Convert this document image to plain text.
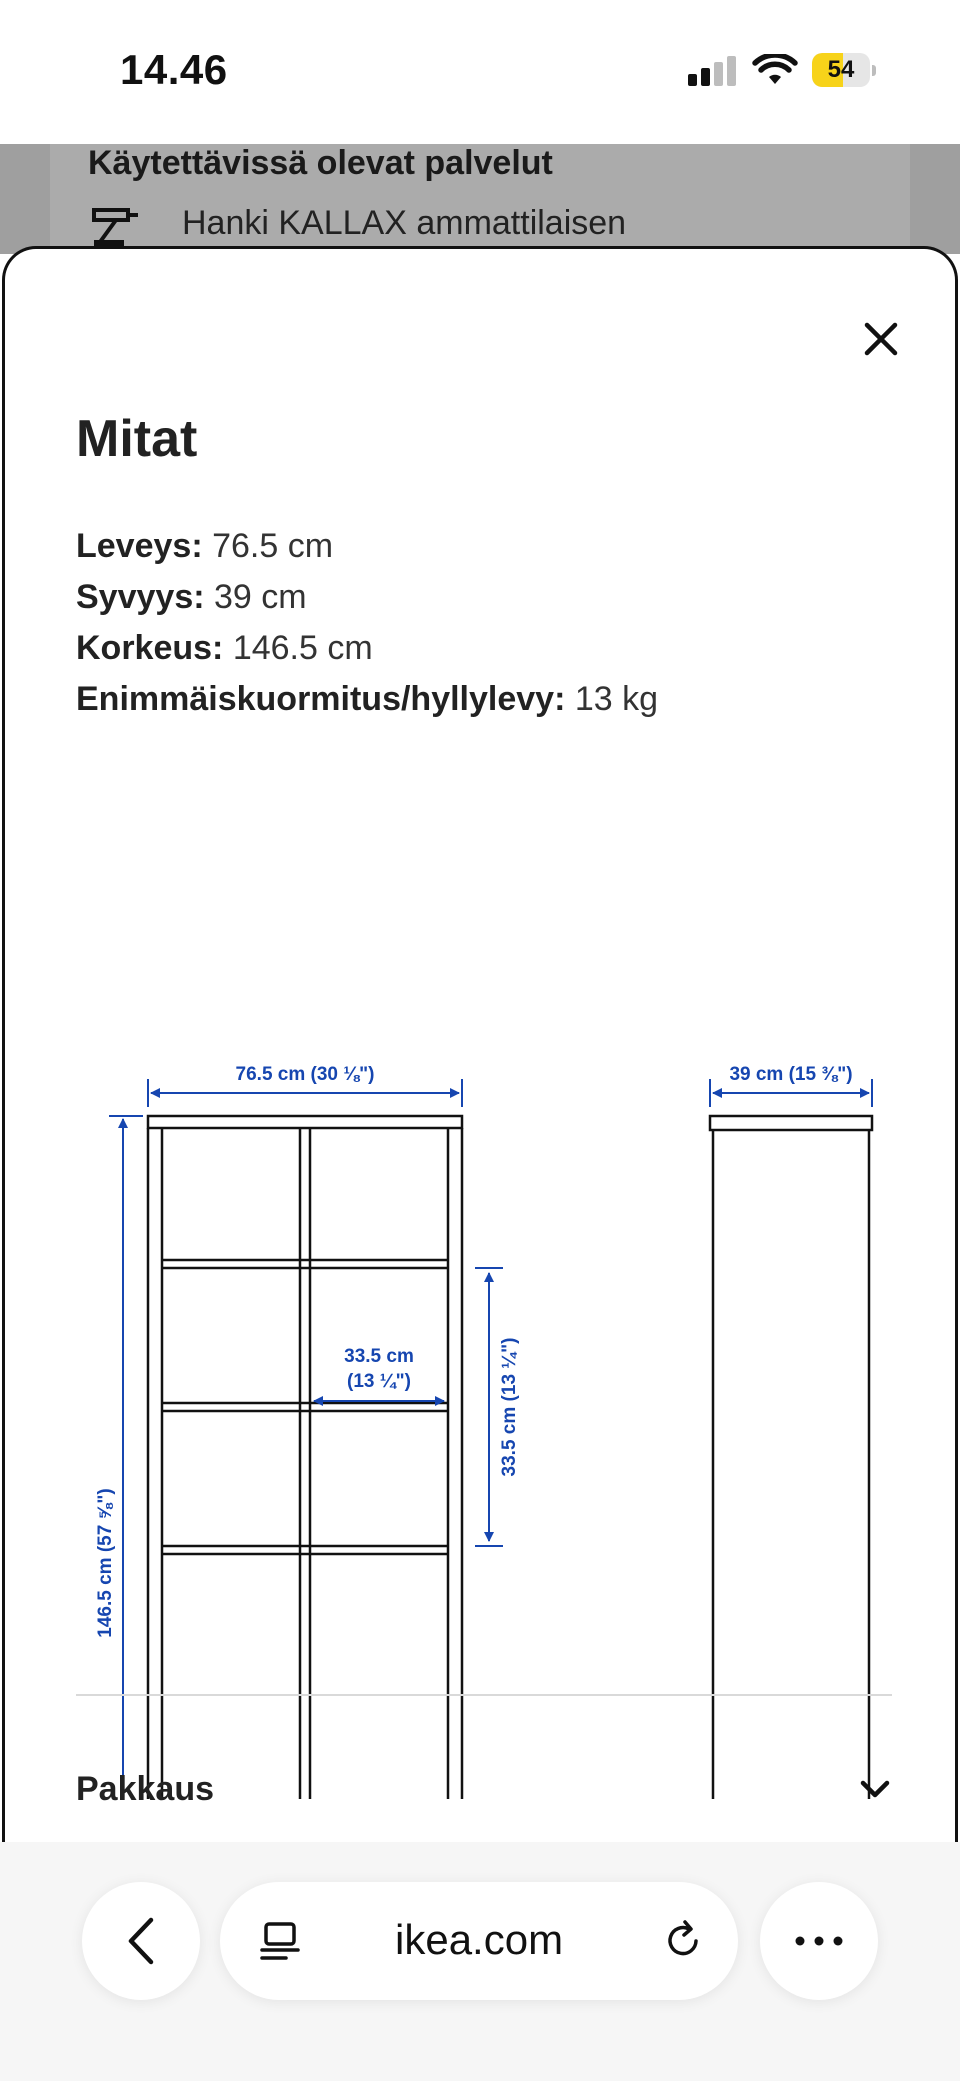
14.46	54
Käytettävissä olevat palvelut
Hanki KALLAX ammattilaisen
Mitat
Leveys: 76.5 cm
Syvyys: 39 cm
Korkeus: 146.5 cm
Enimmäiskuormitus/hyllylevy: 13 kg
76.5 cm (30 ⅛")
146.5 cm (57 ⅝")
33.5 cm
(13 ¼")	33.5 cm (13 ¼")
39 cm (15 ⅜")
Pakkaus
ikea.com
